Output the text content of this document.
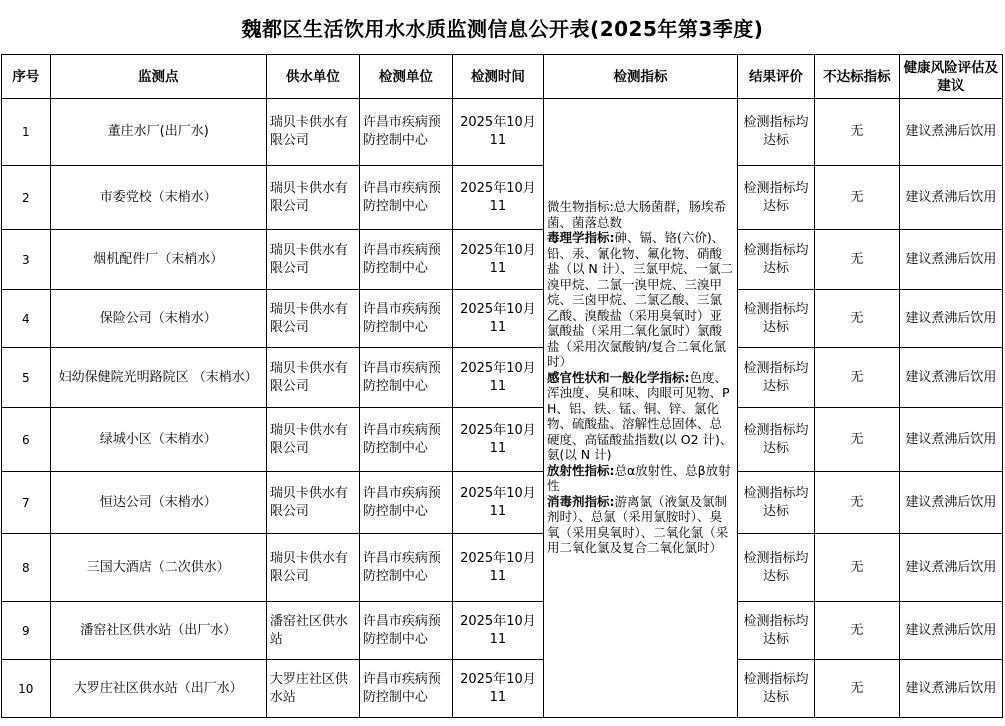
魏都区生活饮用水水质监测信息公开表(2025年第3季度)
序号	监测点	供水单位	检测单位	检测时间	检测指标	结果评价	不达标指标	健康风险评估及建议
1	董庄水厂(出厂水)	瑞贝卡供水有限公司	许昌市疾病预防控制中心	2025年10月11	微生物指标:总大肠菌群，肠埃希菌、菌落总数
毒理学指标:砷、镉、铬(六价)、铅、汞、氰化物、氟化物、硝酸盐（以 N 计）、三氯甲烷、一氯二溴甲烷、二氯一溴甲烷、三溴甲烷、三卤甲烷、二氯乙酸、三氯乙酸、溴酸盐（采用臭氧时）亚氯酸盐（采用二氧化氯时）氯酸盐（采用次氯酸钠/复合二氧化氯时）
感官性状和一般化学指标:色度、浑浊度、臭和味、肉眼可见物、PH、铝、铁、锰、铜、锌、氯化物、硫酸盐、溶解性总固体、总硬度、高锰酸盐指数(以 O2 计)、氨(以 N 计)
放射性指标:总α放射性、总β放射性
消毒剂指标:游离氯（液氯及氯制剂时）、总氯（采用氯胺时）、臭氧（采用臭氧时）、二氧化氯（采用二氧化氯及复合二氧化氯时）	检测指标均达标	无	建议煮沸后饮用
2	市委党校（末梢水）	瑞贝卡供水有限公司	许昌市疾病预防控制中心	2025年10月11		检测指标均达标	无	建议煮沸后饮用
3	烟机配件厂（末梢水）	瑞贝卡供水有限公司	许昌市疾病预防控制中心	2025年10月11		检测指标均达标	无	建议煮沸后饮用
4	保险公司（末梢水）	瑞贝卡供水有限公司	许昌市疾病预防控制中心	2025年10月11		检测指标均达标	无	建议煮沸后饮用
5	妇幼保健院光明路院区 （末梢水）	瑞贝卡供水有限公司	许昌市疾病预防控制中心	2025年10月11		检测指标均达标	无	建议煮沸后饮用
6	绿城小区（末梢水）	瑞贝卡供水有限公司	许昌市疾病预防控制中心	2025年10月11		检测指标均达标	无	建议煮沸后饮用
7	恒达公司（末梢水）	瑞贝卡供水有限公司	许昌市疾病预防控制中心	2025年10月11		检测指标均达标	无	建议煮沸后饮用
8	三国大酒店（二次供水）	瑞贝卡供水有限公司	许昌市疾病预防控制中心	2025年10月11		检测指标均达标	无	建议煮沸后饮用
9	潘窑社区供水站（出厂水）	潘窑社区供水站	许昌市疾病预防控制中心	2025年10月11		检测指标均达标	无	建议煮沸后饮用
10	大罗庄社区供水站（出厂水）	大罗庄社区供水站	许昌市疾病预防控制中心	2025年10月11		检测指标均达标	无	建议煮沸后饮用
